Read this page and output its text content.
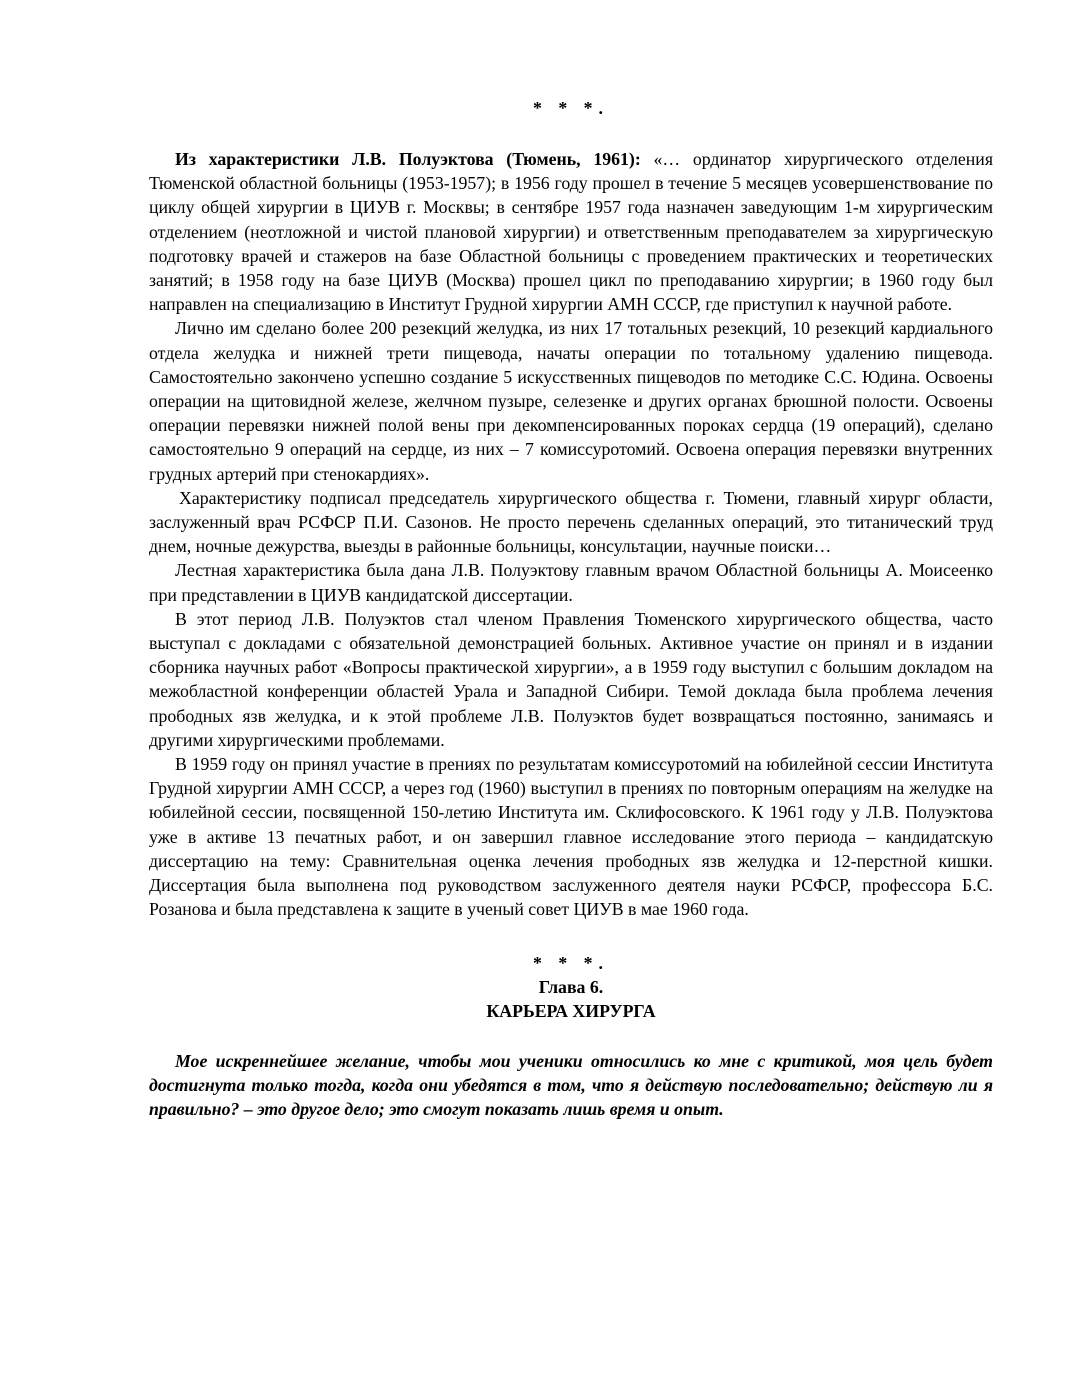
* * *.

Из характеристики Л.В. Полуэктова (Тюмень, 1961): «… ординатор хирургического отделения Тюменской областной больницы (1953-1957); в 1956 году прошел в течение 5 месяцев усовершенствование по циклу общей хирургии в ЦИУВ г. Москвы; в сентябре 1957 года назначен заведующим 1-м хирургическим отделением (неотложной и чистой плановой хирургии) и ответственным преподавателем за хирургическую подготовку врачей и стажеров на базе Областной больницы с проведением практических и теоретических занятий; в 1958 году на базе ЦИУВ (Москва) прошел цикл по преподаванию хирургии; в 1960 году был направлен на специализацию в Институт Грудной хирургии АМН СССР, где приступил к научной работе.

Лично им сделано более 200 резекций желудка, из них 17 тотальных резекций, 10 резекций кардиального отдела желудка и нижней трети пищевода, начаты операции по тотальному удалению пищевода. Самостоятельно закончено успешно создание 5 искусственных пищеводов по методике С.С. Юдина. Освоены операции на щитовидной железе, желчном пузыре, селезенке и других органах брюшной полости. Освоены операции перевязки нижней полой вены при декомпенсированных пороках сердца (19 операций), сделано самостоятельно 9 операций на сердце, из них – 7 комиссуротомий. Освоена операция перевязки внутренних грудных артерий при стенокардиях».

Характеристику подписал председатель хирургического общества г. Тюмени, главный хирург области, заслуженный врач РСФСР П.И. Сазонов. Не просто перечень сделанных операций, это титанический труд днем, ночные дежурства, выезды в районные больницы, консультации, научные поиски…

Лестная характеристика была дана Л.В. Полуэктову главным врачом Областной больницы А. Моисеенко при представлении в ЦИУВ кандидатской диссертации.

В этот период Л.В. Полуэктов стал членом Правления Тюменского хирургического общества, часто выступал с докладами с обязательной демонстрацией больных. Активное участие он принял и в издании сборника научных работ «Вопросы практической хирургии», а в 1959 году выступил с большим докладом на межобластной конференции областей Урала и Западной Сибири. Темой доклада была проблема лечения прободных язв желудка, и к этой проблеме Л.В. Полуэктов будет возвращаться постоянно, занимаясь и другими хирургическими проблемами.

В 1959 году он принял участие в прениях по результатам комиссуротомий на юбилейной сессии Института Грудной хирургии АМН СССР, а через год (1960) выступил в прениях по повторным операциям на желудке на юбилейной сессии, посвященной 150-летию Института им. Склифосовского. К 1961 году у Л.В. Полуэктова уже в активе 13 печатных работ, и он завершил главное исследование этого периода – кандидатскую диссертацию на тему: Сравнительная оценка лечения прободных язв желудка и 12-перстной кишки. Диссертация была выполнена под руководством заслуженного деятеля науки РСФСР, профессора Б.С. Розанова и была представлена к защите в ученый совет ЦИУВ в мае 1960 года.

* * *.
Глава 6.
КАРЬЕРА ХИРУРГА

Мое искреннейшее желание, чтобы мои ученики относились ко мне с критикой, моя цель будет достигнута только тогда, когда они убедятся в том, что я действую последовательно; действую ли я правильно? – это другое дело; это смогут показать лишь время и опыт.
